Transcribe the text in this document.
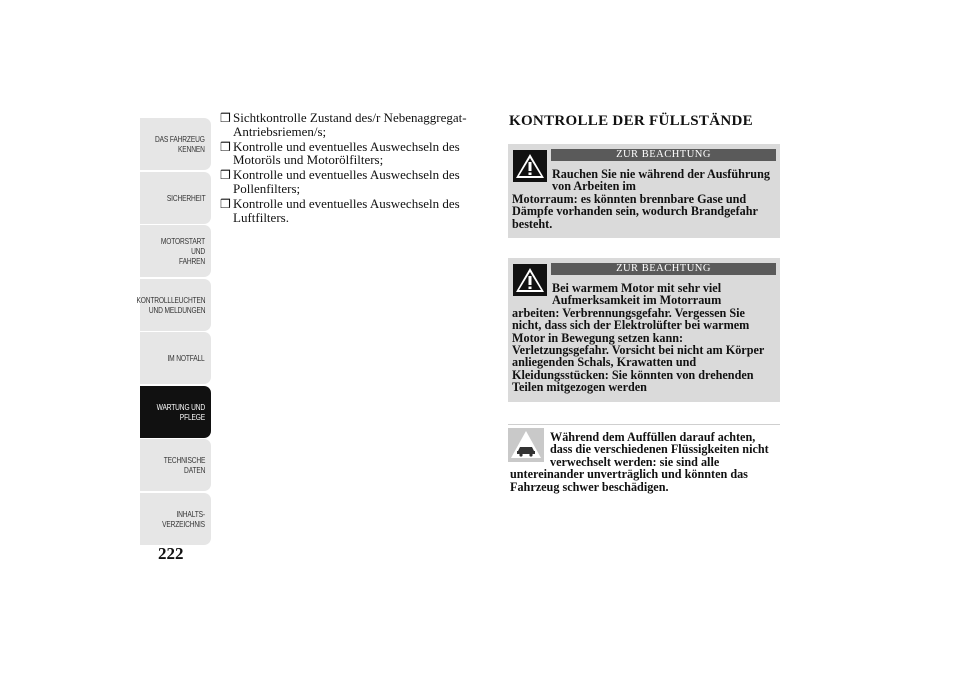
DAS FAHRZEUG
KENNEN
SICHERHEIT
MOTORSTART UND
FAHREN
KONTROLLLEUCHTEN
UND MELDUNGEN
IM NOTFALL
WARTUNG UND
PFLEGE
TECHNISCHE
DATEN
INHALTS-
VERZEICHNIS
222
❒ Sichtkontrolle Zustand des/r Nebenaggregat-Antriebsriemen/s;
❒ Kontrolle und eventuelles Auswechseln des Motoröls und Motorölfilters;
❒ Kontrolle und eventuelles Auswechseln des Pollenfilters;
❒ Kontrolle und eventuelles Auswechseln des Luftfilters.
KONTROLLE DER FÜLLSTÄNDE
ZUR BEACHTUNG
Rauchen Sie nie während der Ausführung von Arbeiten im
Motorraum: es könnten brennbare Gase und Dämpfe vorhanden sein, wodurch Brandgefahr besteht.
ZUR BEACHTUNG
Bei warmem Motor mit sehr viel Aufmerksamkeit im Motorraum
arbeiten: Verbrennungsgefahr. Vergessen Sie nicht, dass sich der Elektrolüfter bei warmem Motor in Bewegung setzen kann: Verletzungsgefahr. Vorsicht bei nicht am Körper anliegenden Schals, Krawatten und Kleidungsstücken: Sie könnten von drehenden Teilen mitgezogen werden
Während dem Auffüllen darauf achten, dass die verschiedenen Flüssigkeiten nicht verwechselt werden: sie sind alle
untereinander unverträglich und könnten das Fahrzeug schwer beschädigen.
